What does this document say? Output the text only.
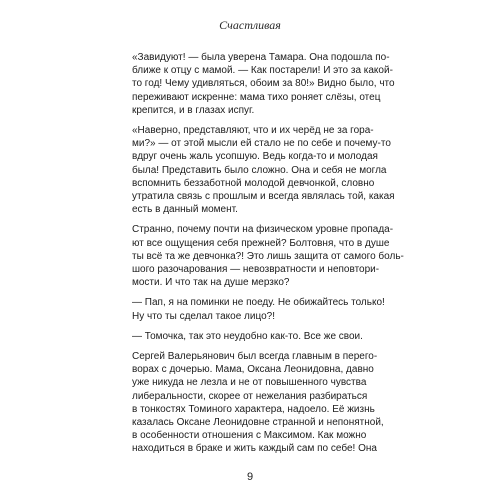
Счастливая

«Завидуют! — была уверена Тамара. Она подошла по-
ближе к отцу с мамой. — Как постарели! И это за какой-
то год! Чему удивляться, обоим за 80!» Видно было, что
переживают искренне: мама тихо роняет слёзы, отец
крепится, и в глазах испуг.

«Наверно, представляют, что и их черёд не за гора-
ми?» — от этой мысли ей стало не по себе и почему-то
вдруг очень жаль усопшую. Ведь когда-то и молодая
была! Представить было сложно. Она и себя не могла
вспомнить беззаботной молодой девчонкой, словно
утратила связь с прошлым и всегда являлась той, какая
есть в данный момент.

Странно, почему почти на физическом уровне пропада-
ют все ощущения себя прежней? Болтовня, что в душе
ты всё та же девчонка?! Это лишь защита от самого боль-
шого разочарования — невозвратности и неповтори-
мости. И что так на душе мерзко?

— Пап, я на поминки не поеду. Не обижайтесь только!
Ну что ты сделал такое лицо?!

— Томочка, так это неудобно как-то. Все же свои.

Сергей Валерьянович был всегда главным в перего-
ворах с дочерью. Мама, Оксана Леонидовна, давно
уже никуда не лезла и не от повышенного чувства
либеральности, скорее от нежелания разбираться
в тонкостях Томиного характера, надоело. Её жизнь
казалась Оксане Леонидовне странной и непонятной,
в особенности отношения с Максимом. Как можно
находиться в браке и жить каждый сам по себе! Она

9
